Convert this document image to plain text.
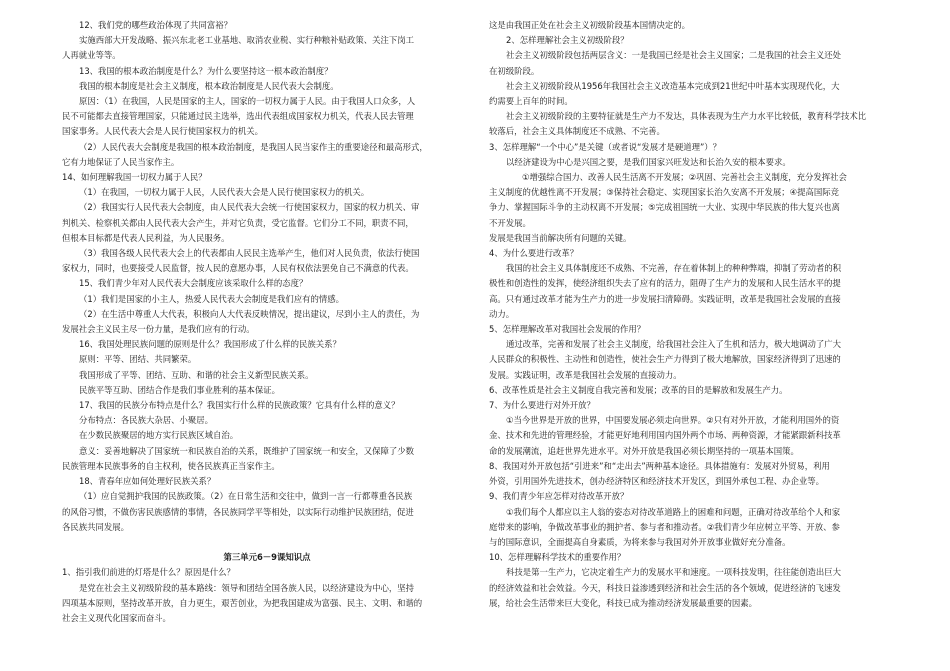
12、我们党的哪些政治体现了共同富裕？
实施西部大开发战略、振兴东北老工业基地、取消农业税、实行种粮补贴政策、关注下岗工
人再就业等等。
13、我国的根本政治制度是什么？为什么要坚持这一根本政治制度？
我国的根本制度是社会主义制度，根本政治制度是人民代表大会制度。
原因：（1）在我国，人民是国家的主人，国家的一切权力属于人民。由于我国人口众多，人
民不可能都去直接管理国家，只能通过民主选举，选出代表组成国家权力机关，代表人民去管理
国家事务。人民代表大会是人民行使国家权力的机关。
（2）人民代表大会制度是我国的根本政治制度，是我国人民当家作主的重要途径和最高形式，
它有力地保证了人民当家作主。
14、如何理解我国一切权力属于人民？
（1）在我国，一切权力属于人民，人民代表大会是人民行使国家权力的机关。
（2）我国实行人民代表大会制度，由人民代表大会统一行使国家权力，国家的权力机关、审
判机关、检察机关都由人民代表大会产生，并对它负责，受它监督。它们分工不同，职责不同，
但根本目标都是代表人民利益，为人民服务。
（3）我国各级人民代表大会上的代表都由人民民主选举产生，他们对人民负责，依法行使国
家权力，同时，也要接受人民监督，按人民的意愿办事，人民有权依法罢免自己不满意的代表。
15、我们青少年对人民代表大会制度应该采取什么样的态度？
（1）我们是国家的小主人，热爱人民代表大会制度是我们应有的情感。
（2）在生活中尊重人大代表，积极向人大代表反映情况，提出建议，尽到小主人的责任，为
发展社会主义民主尽一份力量，是我们应有的行动。
16、我国处理民族问题的原则是什么？我国形成了什么样的民族关系？
原则：平等、团结、共同繁荣。
我国形成了平等、团结、互助、和谐的社会主义新型民族关系。
民族平等互助、团结合作是我们事业胜利的基本保证。
17、我国的民族分布特点是什么？我国实行什么样的民族政策？它具有什么样的意义？
分布特点：各民族大杂居、小聚居。
在少数民族聚居的地方实行民族区域自治。
意义：妥善地解决了国家统一和民族自治的关系，既维护了国家统一和安全，又保障了少数
民族管理本民族事务的自主权利，使各民族真正当家作主。
18、青春年应如何处理好民族关系？
（1）应自觉拥护我国的民族政策。（2）在日常生活和交往中，做到一言一行都尊重各民族
的风俗习惯，不做伤害民族感情的事情，各民族同学平等相处，以实际行动维护民族团结，促进
各民族共同发展。

第三单元6－9课知识点
1、指引我们前进的灯塔是什么？原因是什么？
是党在社会主义初级阶段的基本路线：领导和团结全国各族人民，以经济建设为中心，坚持
四项基本原则，坚持改革开放，自力更生，艰苦创业，为把我国建成为富强、民主、文明、和谐的
社会主义现代化国家而奋斗。
这是由我国正处在社会主义初级阶段基本国情决定的。
2、怎样理解社会主义初级阶段？
社会主义初级阶段包括两层含义：一是我国已经是社会主义国家；二是我国的社会主义还处
在初级阶段。
社会主义初级阶段从1956年我国社会主义改造基本完成到21世纪中叶基本实现现代化，大
约需要上百年的时间。
社会主义初级阶段的主要特征就是生产力不发达，具体表现为生产力水平比较低，教育科学技术比
较落后，社会主义具体制度还不成熟、不完善。
3、怎样理解“一个中心”是关键（或者说“发展才是硬道理”）？
以经济建设为中心是兴国之要，是我们国家兴旺发达和长治久安的根本要求。
①增强综合国力、改善人民生活离不开发展；②巩固、完善社会主义制度，充分发挥社会
主义制度的优越性离不开发展；③保持社会稳定、实现国家长治久安离不开发展；④提高国际竞
争力、掌握国际斗争的主动权离不开发展；⑤完成祖国统一大业、实现中华民族的伟大复兴也离
不开发展。
发展是我国当前解决所有问题的关键。
4、为什么要进行改革？
我国的社会主义具体制度还不成熟、不完善，存在着体制上的种种弊端，抑制了劳动者的积
极性和创造性的发挥，使经济组织失去了应有的活力，阻碍了生产力的发展和人民生活水平的提
高。只有通过改革才能为生产力的进一步发展扫清障碍。实践证明，改革是我国社会发展的直接
动力。
5、怎样理解改革对我国社会发展的作用？
通过改革，完善和发展了社会主义制度，给我国社会注入了生机和活力，极大地调动了广大
人民群众的积极性、主动性和创造性，使社会生产力得到了极大地解放，国家经济得到了迅速的
发展。实践证明，改革是我国社会发展的直接动力。
6、改革性质是社会主义制度自我完善和发展；改革的目的是解放和发展生产力。
7、为什么要进行对外开放？
①当今世界是开放的世界，中国要发展必须走向世界。②只有对外开放，才能利用国外的资
金、技术和先进的管理经验，才能更好地利用国内国外两个市场、两种资源，才能紧跟新科技革
命的发展潮流，追赶世界先进水平。对外开放是我国必须长期坚持的一项基本国策。
8、我国对外开放包括“引进来”和“走出去”两种基本途径。具体措施有：发展对外贸易，利用
外资，引用国外先进技术，创办经济特区和经济技术开发区，到国外承包工程、办企业等。
9、我们青少年应怎样对待改革开放？
①我们每个人都应以主人翁的姿态对待改革道路上的困难和问题，正确对待改革给个人和家
庭带来的影响，争做改革事业的拥护者、参与者和推动者。②我们青少年应树立平等、开放、参
与的国际意识，全面提高自身素质，为将来参与我国对外开放事业做好充分准备。
10、怎样理解科学技术的重要作用？
科技是第一生产力，它决定着生产力的发展水平和速度。一项科技发明，往往能创造出巨大
的经济效益和社会效益。今天，科技日益渗透到经济和社会生活的各个领域，促进经济的飞速发
展，给社会生活带来巨大变化，科技已成为推动经济发展最重要的因素。
